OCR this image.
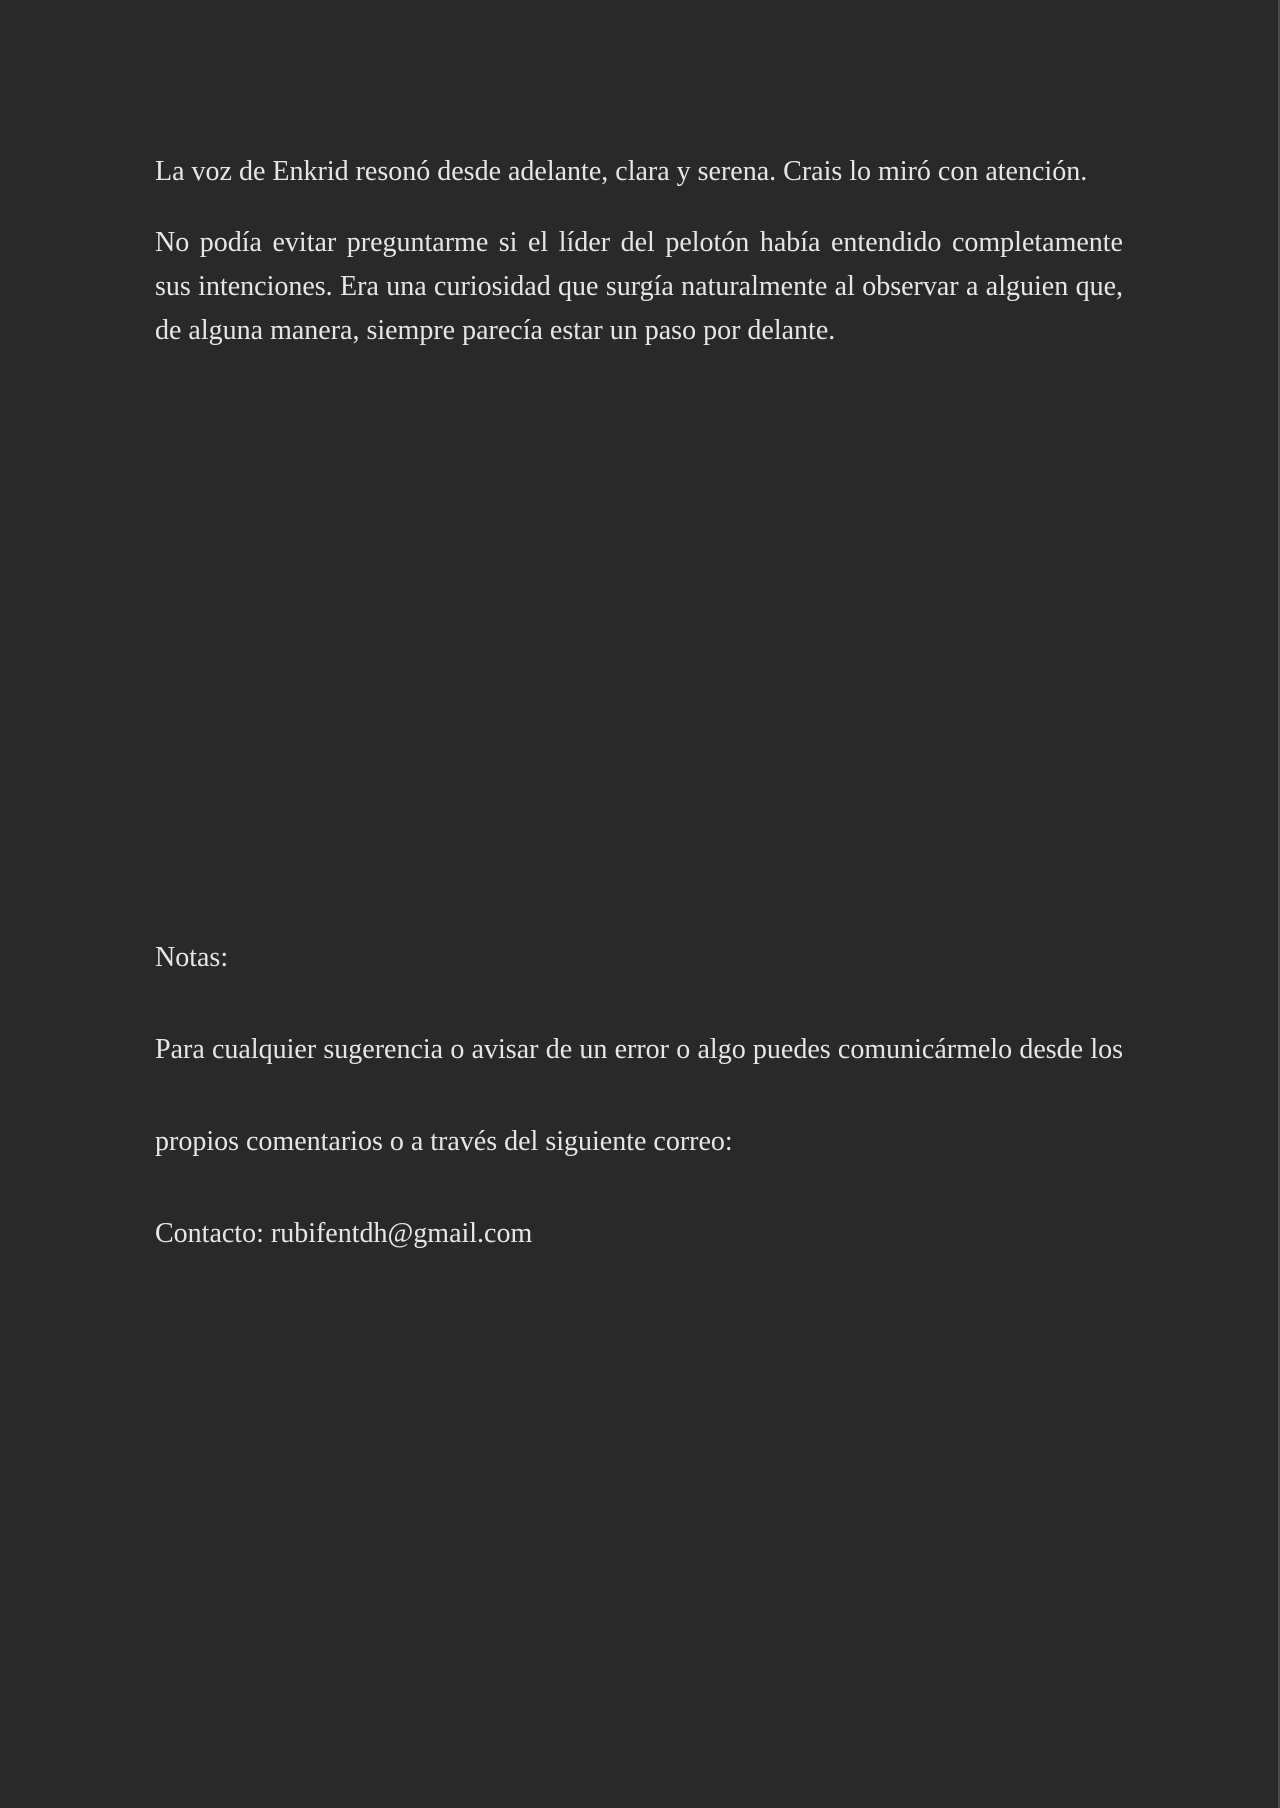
La voz de Enkrid resonó desde adelante, clara y serena. Crais lo miró con atención.

No podía evitar preguntarme si el líder del pelotón había entendido completamente sus intenciones. Era una curiosidad que surgía naturalmente al observar a alguien que, de alguna manera, siempre parecía estar un paso por delante.

Notas:

Para cualquier sugerencia o avisar de un error o algo puedes comunicármelo desde los

propios comentarios o a través del siguiente correo:

Contacto: rubifentdh@gmail.com
